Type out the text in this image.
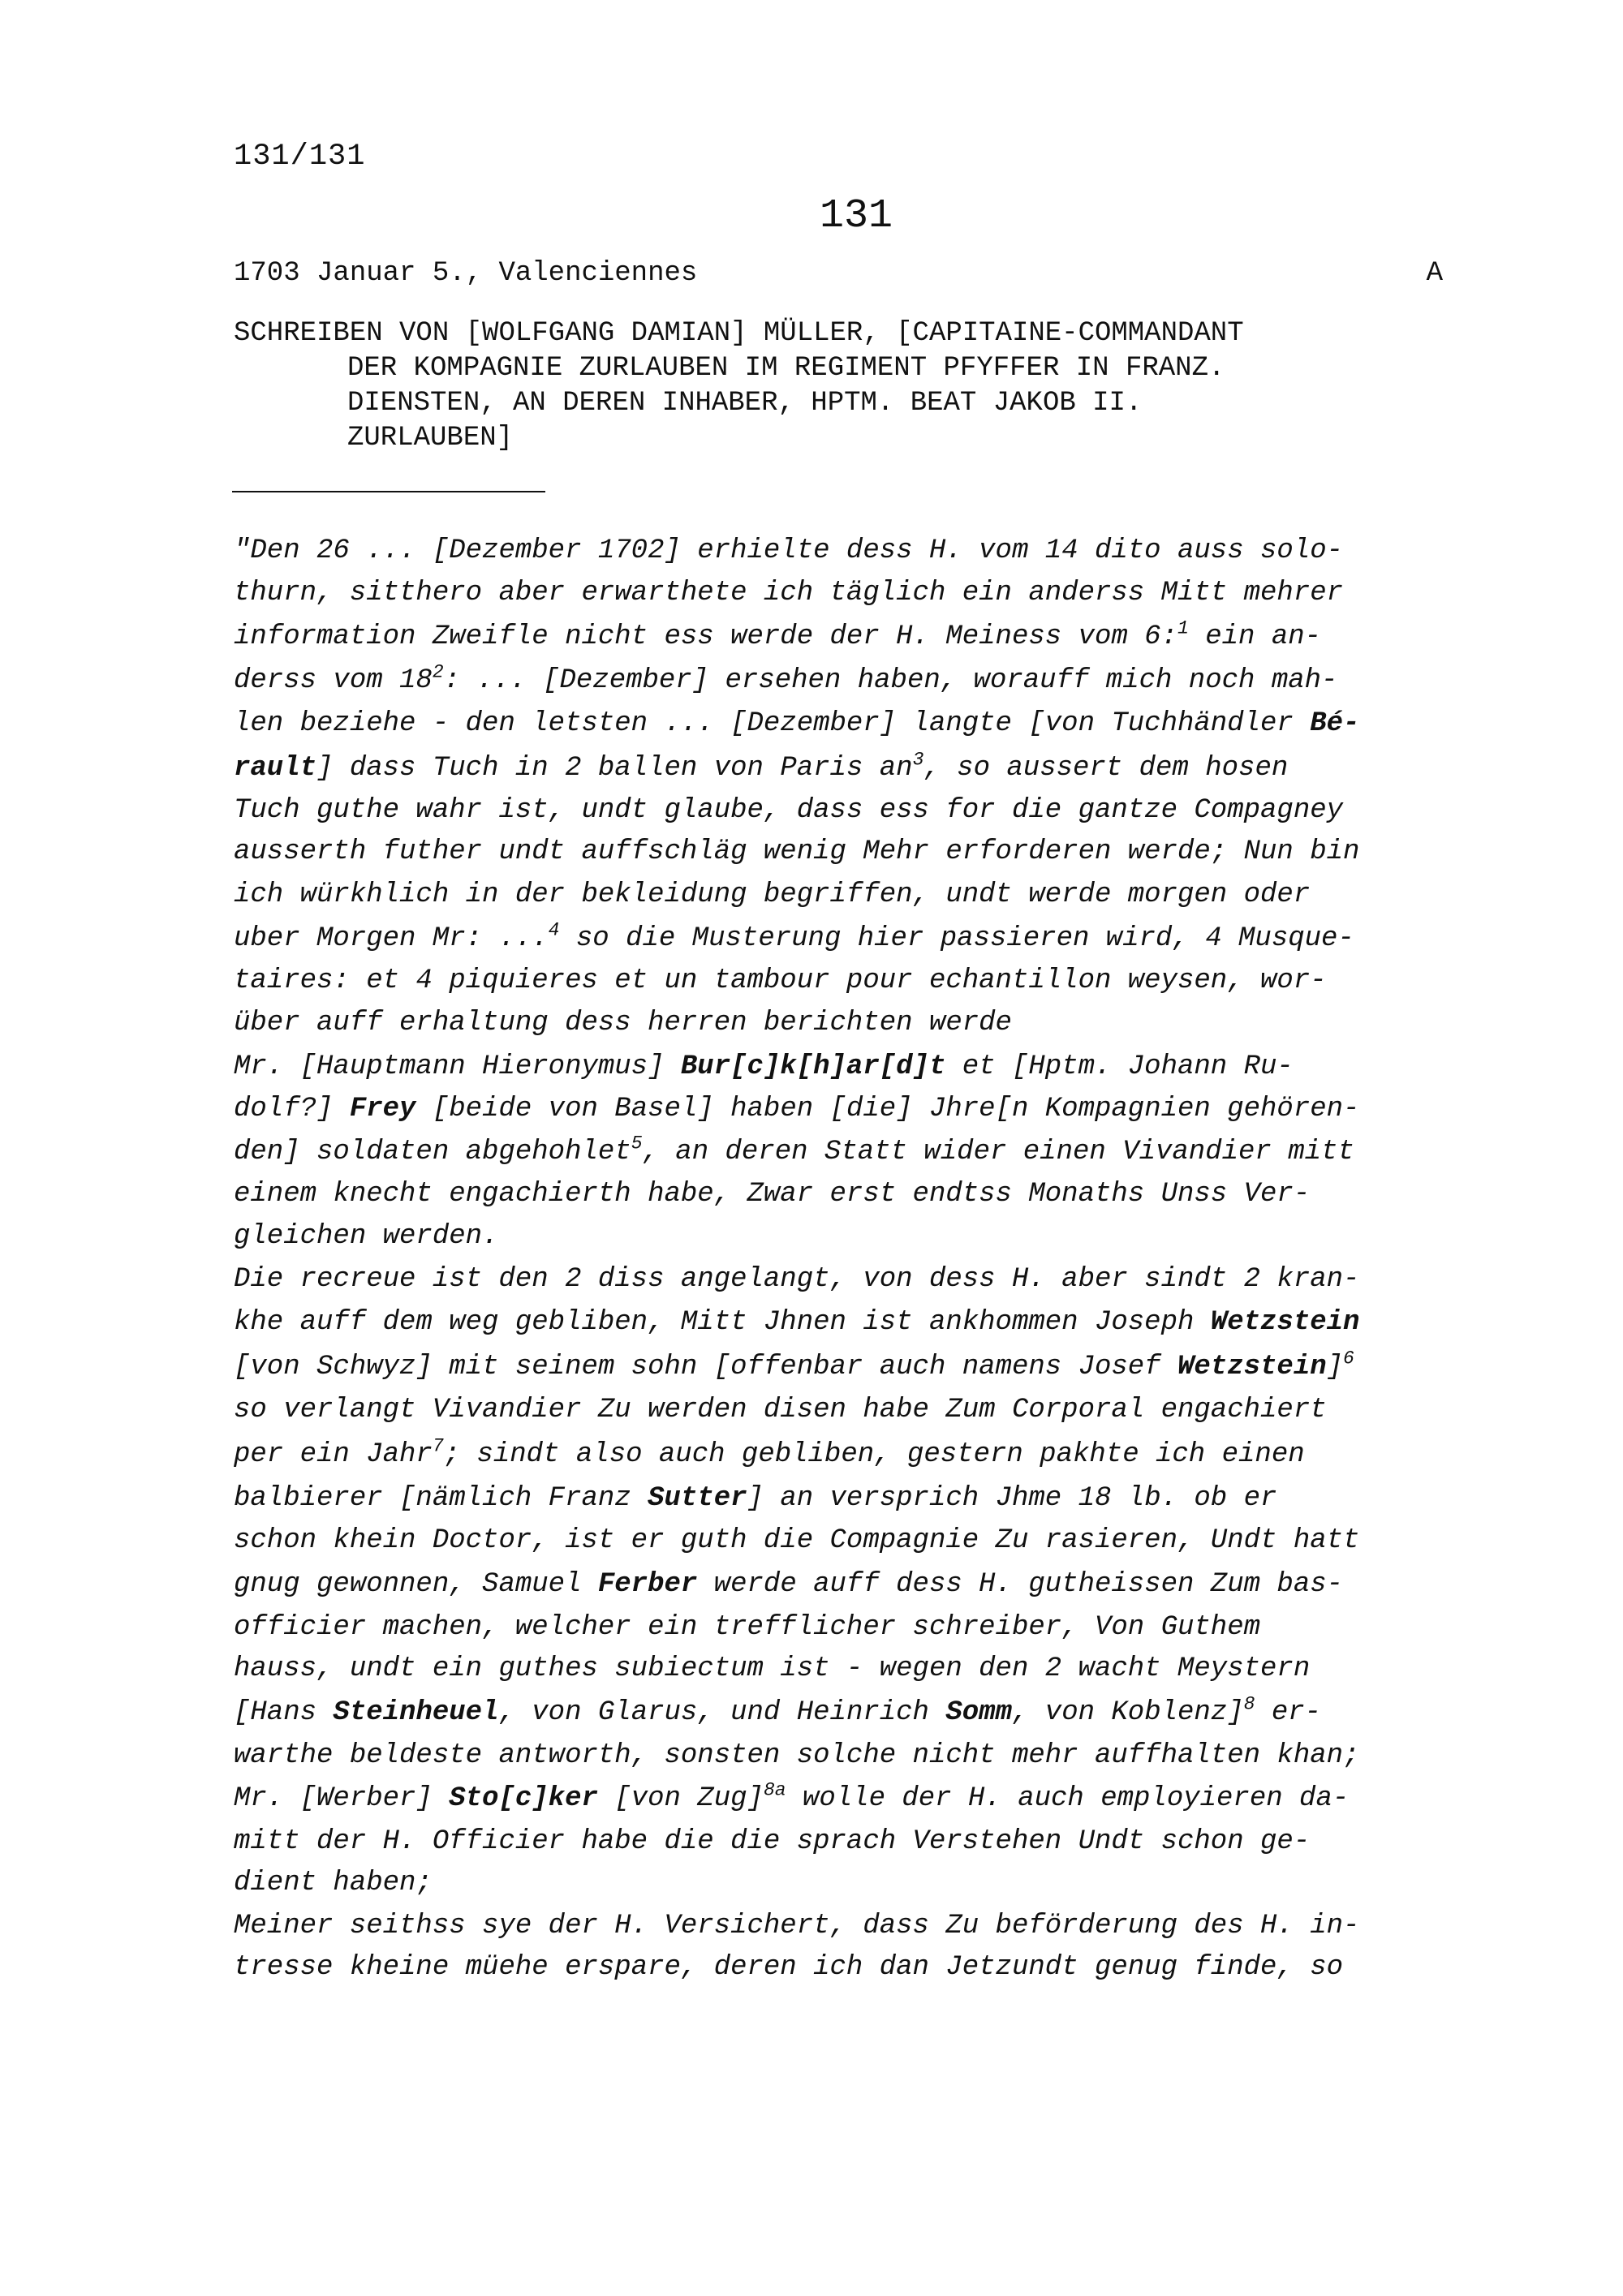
131/131
131
1703 Januar 5., Valenciennes	A
SCHREIBEN VON [WOLFGANG DAMIAN] MÜLLER, [CAPITAINE-COMMANDANT
DER KOMPAGNIE ZURLAUBEN IM REGIMENT PFYFFER IN FRANZ.
DIENSTEN, AN DEREN INHABER, HPTM. BEAT JAKOB II.
ZURLAUBEN]
"Den 26 ... [Dezember 1702] erhielte dess H. vom 14 dito auss solo-
thurn, sitthero aber erwarthete ich täglich ein anderss Mitt mehrer
information Zweifle nicht ess werde der H. Meiness vom 6:$^1$ ein an-
derss vom $18^2$: ... [Dezember] ersehen haben, worauff mich noch mah-
len beziehe - den letsten ... [Dezember] langte [von Tuchhändler Bé-
rault] dass Tuch in 2 ballen von Paris $an^3$, so aussert dem hosen
Tuch guthe wahr ist, undt glaube, dass ess for die gantze Compagney
ausserth futher undt auffschläg wenig Mehr erforderen werde; Nun bin
ich würkhlich in der bekleidung begriffen, undt werde morgen oder
uber Morgen Mr: ...$^4$ so die Musterung hier passieren wird, 4 Musque-
taires: et 4 piquieres et un tambour pour echantillon weysen, wor-
über auff erhaltung dess herren berichten werde
Mr. [Hauptmann Hieronymus] Bur[c]k[h]ar[d]t et [Hptm. Johann Ru-
dolf?] Frey [beide von Basel] haben [die] Jhre[n Kompagnien gehören-
den] soldaten abgehohlet$^5$, an deren Statt wider einen Vivandier mitt
einem knecht engachierth habe, Zwar erst endtss Monaths Unss Ver-
gleichen werden.
Die recreue ist den 2 diss angelangt, von dess H. aber sindt 2 kran-
khe auff dem weg gebliben, Mitt Jhnen ist ankhommen Joseph Wetzstein
[von Schwyz] mit seinem sohn [offenbar auch namens Josef Wetzstein]$^6$
so verlangt Vivandier Zu werden disen habe Zum Corporal engachiert
per ein Jahr$^7$; sindt also auch gebliben, gestern pakhte ich einen
balbierer [nämlich Franz Sutter] an versprich Jhme 18 lb. ob er
schon khein Doctor, ist er guth die Compagnie Zu rasieren, Undt hatt
gnug gewonnen, Samuel Ferber werde auff dess H. gutheissen Zum bas-
officier machen, welcher ein trefflicher schreiber, Von Guthem
hauss, undt ein guthes subiectum ist - wegen den 2 wacht Meystern
[Hans Steinheuel, von Glarus, und Heinrich Somm, von Koblenz]$^8$ er-
warthe beldeste antworth, sonsten solche nicht mehr auffhalten khan;
Mr. [Werber] Sto[c]ker [von Zug]$^{8a}$ wolle der H. auch employieren da-
mitt der H. Officier habe die die sprach Verstehen Undt schon ge-
dient haben;
Meiner seithss sye der H. Versichert, dass Zu beförderung des H. in-
tresse kheine müehe erspare, deren ich dan Jetzundt genug finde, so
